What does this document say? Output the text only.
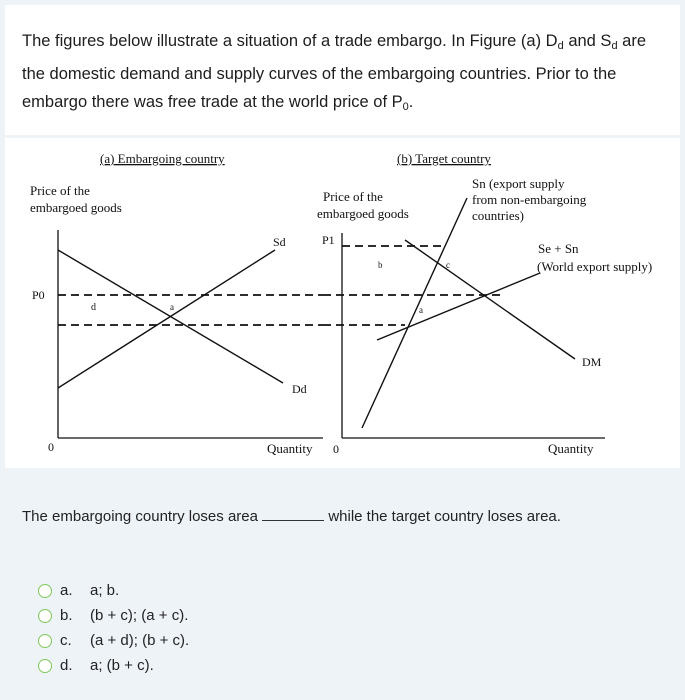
The figures below illustrate a situation of a trade embargo. In Figure (a) $D_d$ and $S_d$ are the domestic demand and supply curves of the embargoing countries. Prior to the embargo there was free trade at the world price of $P_0$.
(a) Embargoing country
Price of the
embargoed goods
Sd
Dd
P0
d	a
0	Quantity
(b) Target country
Price of the
embargoed goods
P1
Sn (export supply
from non-embargoing
countries)
Se + Sn
(World export supply)
DM
b	c
a
0	Quantity
The embargoing country loses area	while the target country loses area.
a.	a; b.
b.	(b + c); (a + c).
c.	(a + d); (b + c).
d.	a; (b + c).
